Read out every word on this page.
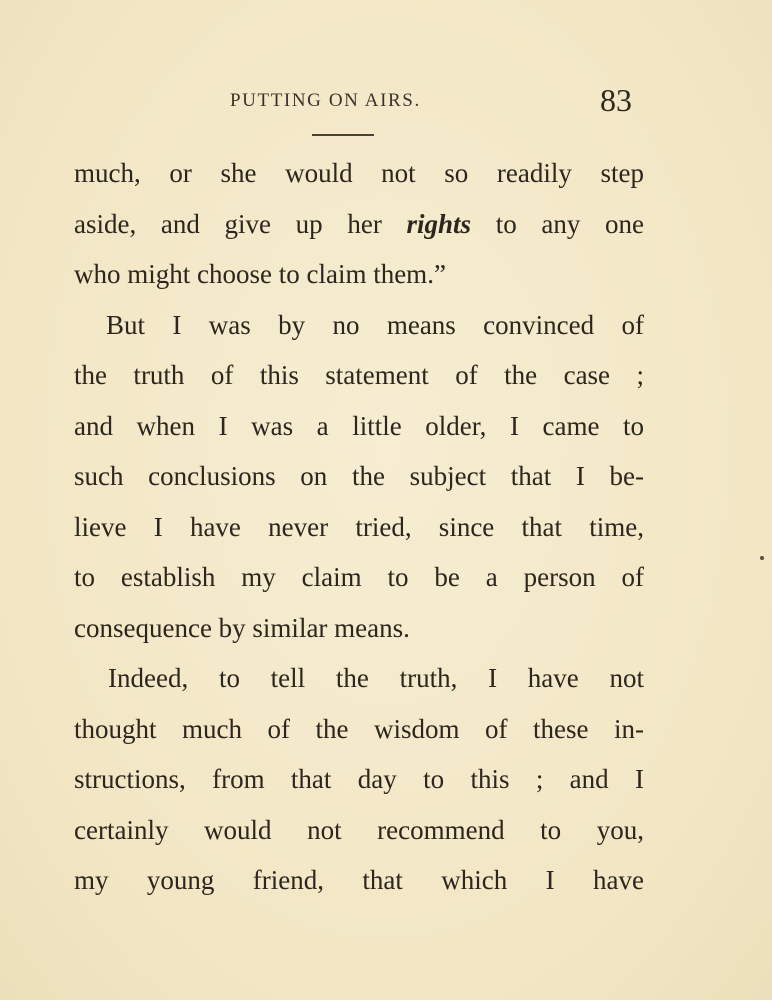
PUTTING ON AIRS.	83
much, or she would not so readily step
aside, and give up her rights to any one
who might choose to claim them.”
But I was by no means convinced of
the truth of this statement of the case ;
and when I was a little older, I came to
such conclusions on the subject that I be-
lieve I have never tried, since that time,
to establish my claim to be a person of
consequence by similar means.
Indeed, to tell the truth, I have not
thought much of the wisdom of these in-
structions, from that day to this ; and I
certainly would not recommend to you,
my young friend, that which I have
